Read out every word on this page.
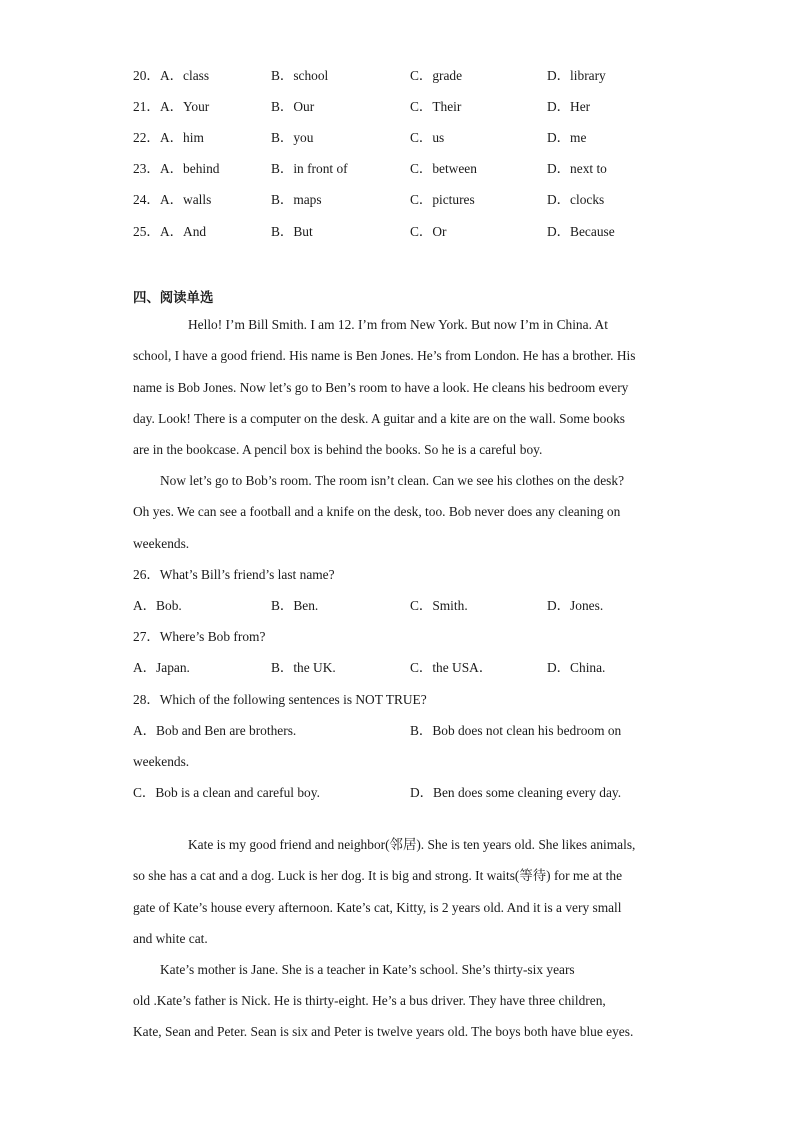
20． A．class	B．school	C．grade	D．library
21． A．Your	B．Our	C．Their	D．Her
22． A．him	B．you	C．us	D．me
23． A．behind	B．in front of	C．between	D．next to
24． A．walls	B．maps	C．pictures	D．clocks
25． A．And	B．But	C．Or	D．Because
四、阅读单选
Hello! I’m Bill Smith. I am 12. I’m from New York. But now I’m in China. At
school, I have a good friend. His name is Ben Jones. He’s from London. He has a brother. His
name is Bob Jones. Now let’s go to Ben’s room to have a look. He cleans his bedroom every
day. Look! There is a computer on the desk. A guitar and a kite are on the wall. Some books
are in the bookcase. A pencil box is behind the books. So he is a careful boy.
Now let’s go to Bob’s room. The room isn’t clean. Can we see his clothes on the desk?
Oh yes. We can see a football and a knife on the desk, too. Bob never does any cleaning on
weekends.
26．What’s Bill’s friend’s last name?
A．Bob.	B．Ben.	C．Smith.	D．Jones.
27．Where’s Bob from?
A．Japan.	B．the UK.	C．the USA．	D．China.
28．Which of the following sentences is NOT TRUE?
A．Bob and Ben are brothers.	B．Bob does not clean his bedroom on
weekends.
C．Bob is a clean and careful boy.	D．Ben does some cleaning every day.
Kate is my good friend and neighbor(邻居). She is ten years old. She likes animals,
so she has a cat and a dog. Luck is her dog. It is big and strong. It waits(等待) for me at the
gate of Kate’s house every afternoon. Kate’s cat, Kitty, is 2 years old. And it is a very small
and white cat.
Kate’s mother is Jane. She is a teacher in Kate’s school. She’s thirty-six years
old .Kate’s father is Nick. He is thirty-eight. He’s a bus driver. They have three children,
Kate, Sean and Peter. Sean is six and Peter is twelve years old. The boys both have blue eyes.
